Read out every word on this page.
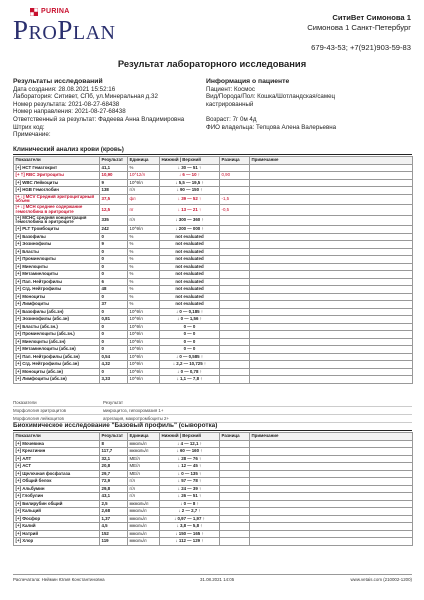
PURINA
PROPLAN
СитиВет Симонова 1
Симонова 1 Санкт-Петербург
679-43-53; +7(921)903-59-83
Результат лабораторного исследования
Результаты исследований
Дата создания: 28.08.2021 15:52:16
Лаборатория: Ситивет, СПб, ул.Минеральная д.32
Номер результата: 2021-08-27-68438
Номер направления: 2021-08-27-68438
Ответственный за результат: Фадеева Анна Владимировна
Штрих код:
Примечание:
Информация о пациенте
Пациент: Космос
Вид/Порода/Пол: Кошка/Шотландская/самец
кастрированный
Возраст: 7г 0м 4д
ФИО владельца: Тепцова Алена Валерьевна
Клинический анализ крови (кровь)
Показатели	Результат	Единица	Нижний | Верхний	Разница	Примечание
[+] НСТ Гематокрит	41,1	%	↓ 30 — 51 ↑		
[+ †] RBC Эритроциты	10,90	10^12/л	↓ 6 — 10 ↑	0,90	
[+] WBC Лейкоциты	9	10^9/л	↓ 5,5 — 19,5 ↑		
[+] HGB Гемоглобин	138	г/л	↓ 90 — 150 ↑		
[+ ↓] MCV Средний эритроцитарный объем	37,5	фл	↓ 39 — 52 ↑	-1,5	
[+ ↓] MCH среднее содержание гемоглобина в эритроците	12,5	пг	↓ 13 — 21 ↑	-0,5	
[+] MCHC средняя концентрация гемоглобина в эритроците	335	г/л	↓ 300 — 360 ↑		
[+] PLT Тромбоциты	242	10^9/л	↓ 200 — 000 ↑		
[+] Базофилы	0	%	not evaluated		
[+] Эозинофилы	9	%	not evaluated		
[+] Бласты	0	%	not evaluated		
[+] Промиелоциты	0	%	not evaluated		
[+] Миелоциты	0	%	not evaluated		
[+] Метамиелоциты	0	%	not evaluated		
[+] Пал. Нейтрофилы	6	%	not evaluated		
[+] Сгд. Нейтрофилы	48	%	not evaluated		
[+] Моноциты	0	%	not evaluated		
[+] Лимфоциты	37	%	not evaluated		
[+] Базофилы (абс.зн)	0	10^9/л	↓ 0 — 0,185 ↑		
[+] Эозинофилы (абс.зн)	0,81	10^9/л	↓ 0 — 1,56 ↑		
[+] Бласты (абс.зн.)	0	10^9/л	0 — 0		
[+] Промиелоциты (абс.зн.)	0	10^9/л	0 — 0		
[+] Миелоциты (абс.зн)	0	10^9/л	0 — 0		
[+] Метамиелоциты (абс.зн)	0	10^9/л	0 — 0		
[+] Пал. Нейтрофилы (абс.зн)	0,54	10^9/л	↓ 0 — 0,585 ↑		
[+] Сгд. Нейтрофилы (абс.зн)	4,32	10^9/л	↓ 2,2 — 10,725 ↑		
[+] Моноциты (абс.зн)	0	10^9/л	↓ 0 — 0,78 ↑		
[+] Лимфоциты (абс.зн)	3,33	10^9/л	↓ 1,1 — 7,8 ↑		
Показатели	Результат
Морфология эритроцитов	микроцитоз, гипохромазия 1+
Морфология лейкоцитов	агрегация, макротромбоциты 2+
Биохимическое исследование "Базовый профиль" (сыворотка)
Показатели	Результат	Единица	Нижний | Верхний	Разница	Примечание
[+] Мочевина	8	ммоль/л	↓ 4 — 12,1 ↑		
[+] Креатинин	117,7	мкмоль/л	↓ 60 — 160 ↑		
[+] АЛТ	32,1	МЕ/л	↓ 28 — 76 ↑		
[+] АСТ	20,8	МЕ/л	↓ 12 — 45 ↑		
[+] Щелочная фосфатаза	29,7	МЕ/л	↓ 0 — 135 ↑		
[+] Общий белок	72,9	г/л	↓ 57 — 78 ↑		
[+] Альбумин	29,8	г/л	↓ 24 — 39 ↑		
[+] Глобулин	43,1	г/л	↓ 26 — 51 ↑		
[+] Билирубин общий	2,5	мкмоль/л	↓ 0 — 8 ↑		
[+] Кальций	2,68	ммоль/л	↓ 2 — 2,7 ↑		
[+] Фосфор	1,37	ммоль/л	↓ 0,97 — 1,97 ↑		
[+] Калий	4,5	ммоль/л	↓ 3,8 — 5,8 ↑		
[+] Натрий	152	ммоль/л	↓ 150 — 165 ↑		
[+] Хлор	119	ммоль/л	↓ 112 — 129 ↑		
Распечатала: Неймин Юлия Константиновна	31.08.2021 14:05	www.vetais.com (210002-1200)
